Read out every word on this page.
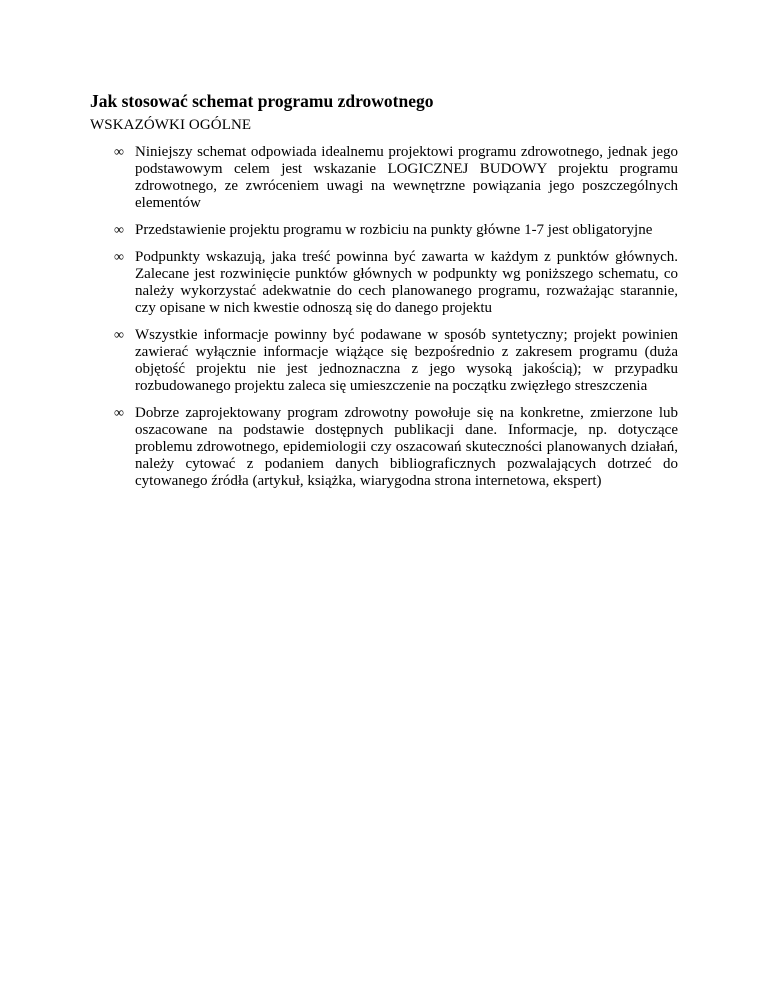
Jak stosować schemat programu zdrowotnego
WSKAZÓWKI OGÓLNE
∞ Niniejszy schemat odpowiada idealnemu projektowi programu zdrowotnego, jednak jego podstawowym celem jest wskazanie LOGICZNEJ BUDOWY projektu programu zdrowotnego, ze zwróceniem uwagi na wewnętrzne powiązania jego poszczególnych elementów
∞ Przedstawienie projektu programu w rozbiciu na punkty główne 1-7 jest obligatoryjne
∞ Podpunkty wskazują, jaka treść powinna być zawarta w każdym z punktów głównych. Zalecane jest rozwinięcie punktów głównych w podpunkty wg poniższego schematu, co należy wykorzystać adekwatnie do cech planowanego programu, rozważając starannie, czy opisane w nich kwestie odnoszą się do danego projektu
∞ Wszystkie informacje powinny być podawane w sposób syntetyczny; projekt powinien zawierać wyłącznie informacje wiążące się bezpośrednio z zakresem programu (duża objętość projektu nie jest jednoznaczna z jego wysoką jakością); w przypadku rozbudowanego projektu zaleca się umieszczenie na początku zwięzłego streszczenia
∞ Dobrze zaprojektowany program zdrowotny powołuje się na konkretne, zmierzone lub oszacowane na podstawie dostępnych publikacji dane. Informacje, np. dotyczące problemu zdrowotnego, epidemiologii czy oszacowań skuteczności planowanych działań, należy cytować z podaniem danych bibliograficznych pozwalających dotrzeć do cytowanego źródła (artykuł, książka, wiarygodna strona internetowa, ekspert)
